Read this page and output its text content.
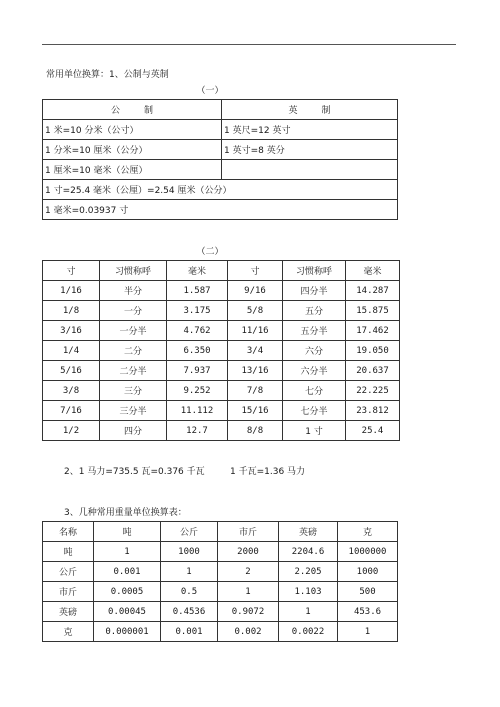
常用单位换算：1、公制与英制
（一）
公　　制	英　　制
1 米=10 分米（公寸）	1 英尺=12 英寸
1 分米=10 厘米（公分）	1 英寸=8 英分
1 厘米=10 毫米（公厘）	
1 寸=25.4 毫米（公厘）=2.54 厘米（公分）	
1 毫米=0.03937 寸	
（二）
寸	习惯称呼	毫米	寸	习惯称呼	毫米
1/16	半分	1.587	9/16	四分半	14.287
1/8	一分	3.175	5/8	五分	15.875
3/16	一分半	4.762	11/16	五分半	17.462
1/4	二分	6.350	3/4	六分	19.050
5/16	二分半	7.937	13/16	六分半	20.637
3/8	三分	9.252	7/8	七分	22.225
7/16	三分半	11.112	15/16	七分半	23.812
1/2	四分	12.7	8/8	1 寸	25.4
2、1 马力=735.5 瓦=0.376 千瓦	1 千瓦=1.36 马力
3、几种常用重量单位换算表：
名称	吨	公斤	市斤	英磅	克
吨	1	1000	2000	2204.6	1000000
公斤	0.001	1	2	2.205	1000
市斤	0.0005	0.5	1	1.103	500
英磅	0.00045	0.4536	0.9072	1	453.6
克	0.000001	0.001	0.002	0.0022	1
